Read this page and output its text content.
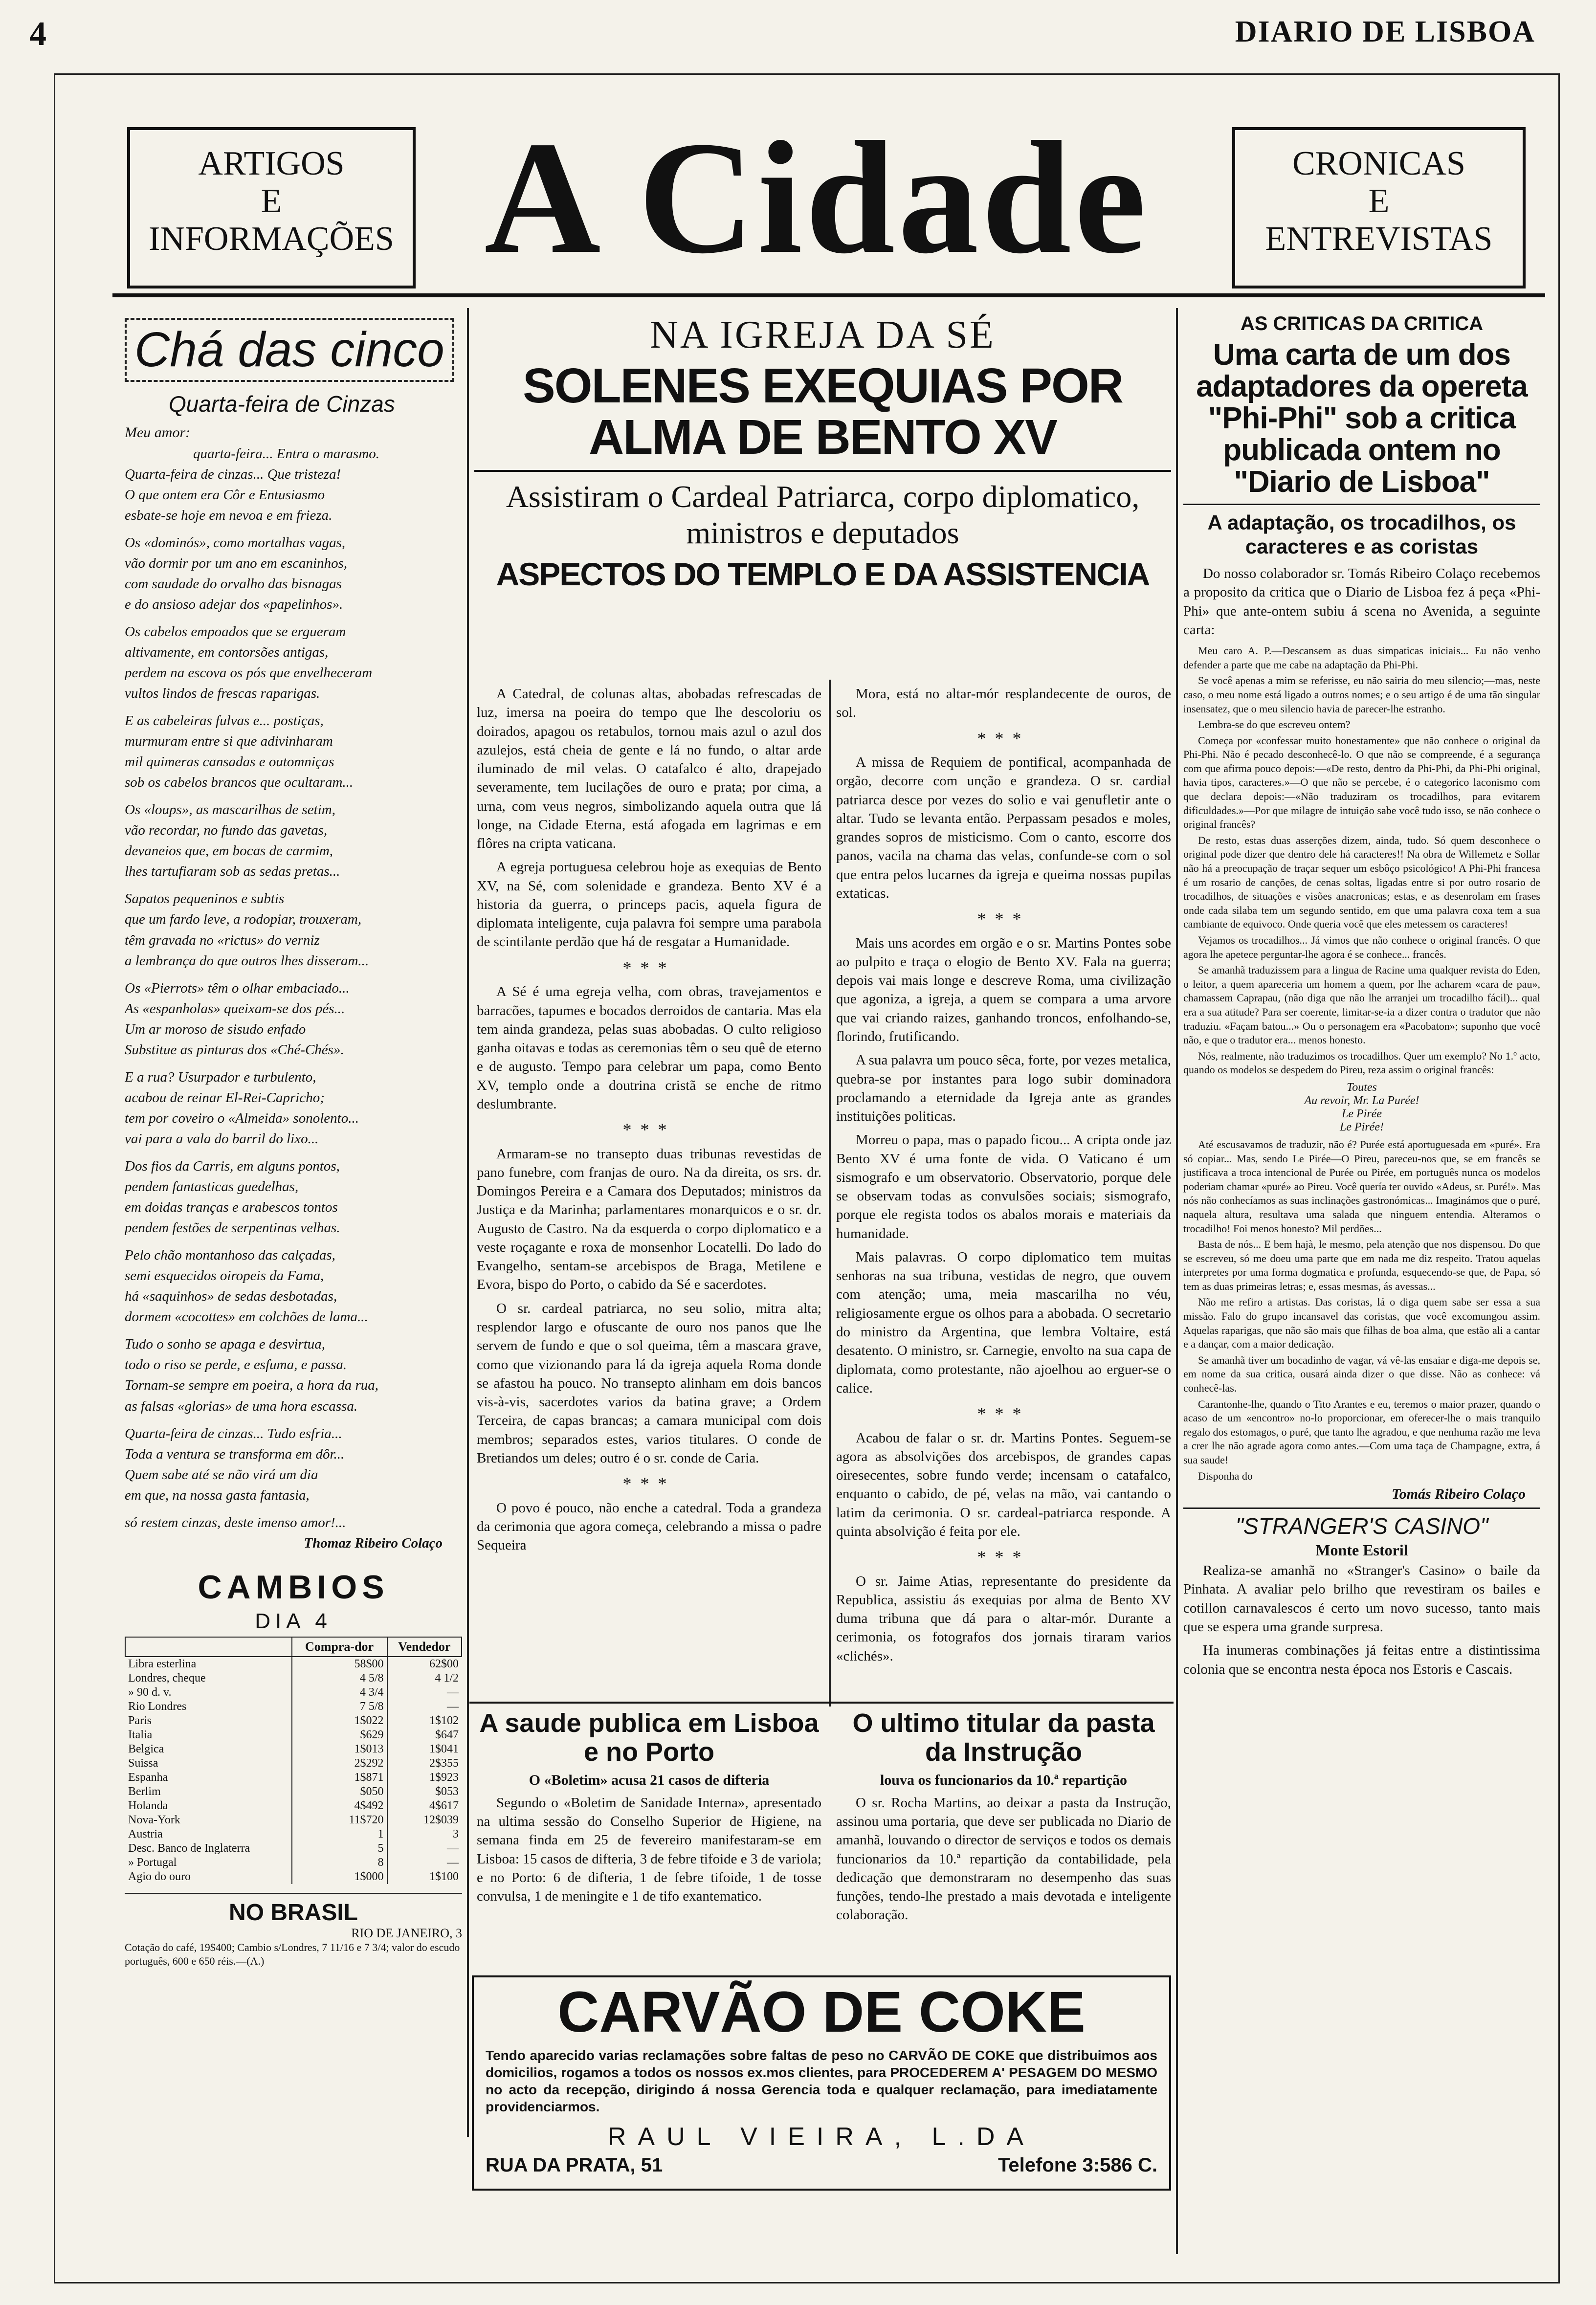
4	DIARIO DE LISBOA
ARTIGOS
E
INFORMAÇÕES A Cidade	CRONICAS
E
ENTREVISTAS
Chá das cinco
Quarta-feira de Cinzas
Meu amor:
quarta-feira... Entra o marasmo.
Quarta-feira de cinzas... Que tristeza!
O que ontem era Côr e Entusiasmo
esbate-se hoje em nevoa e em frieza.
Os «dominós», como mortalhas vagas,
vão dormir por um ano em escaninhos,
com saudade do orvalho das bisnagas
e do ansioso adejar dos «papelinhos».
Os cabelos empoados que se ergueram
altivamente, em contorsões antigas,
perdem na escova os pós que envelheceram
vultos lindos de frescas raparigas.
E as cabeleiras fulvas e... postiças,
murmuram entre si que adivinharam
mil quimeras cansadas e outomniças
sob os cabelos brancos que ocultaram...
Os «loups», as mascarilhas de setim,
vão recordar, no fundo das gavetas,
devaneios que, em bocas de carmim,
lhes tartufiaram sob as sedas pretas...
Sapatos pequeninos e subtis
que um fardo leve, a rodopiar, trouxeram,
têm gravada no «rictus» do verniz
a lembrança do que outros lhes disseram...
Os «Pierrots» têm o olhar embaciado...
As «espanholas» queixam-se dos pés...
Um ar moroso de sisudo enfado
Substitue as pinturas dos «Ché-Chés».
E a rua? Usurpador e turbulento,
acabou de reinar El-Rei-Capricho;
tem por coveiro o «Almeida» sonolento...
vai para a vala do barril do lixo...
Dos fios da Carris, em alguns pontos,
pendem fantasticas guedelhas,
em doidas tranças e arabescos tontos
pendem festões de serpentinas velhas.
Pelo chão montanhoso das calçadas,
semi esquecidos oiropeis da Fama,
há «saquinhos» de sedas desbotadas,
dormem «cocottes» em colchões de lama...
Tudo o sonho se apaga e desvirtua,
todo o riso se perde, e esfuma, e passa.
Tornam-se sempre em poeira, a hora da rua,
as falsas «glorias» de uma hora escassa.
Quarta-feira de cinzas... Tudo esfria...
Toda a ventura se transforma em dôr...
Quem sabe até se não virá um dia
em que, na nossa gasta fantasia,
só restem cinzas, deste imenso amor!...
Thomaz Ribeiro Colaço
CAMBIOS
DIA 4
	Compra-dor	Vendedor
Libra esterlina	58$00	62$00
Londres, cheque	4 5/8	4 1/2
» 90 d. v.	4 3/4	—
Rio Londres	7 5/8	—
Paris	1$022	1$102
Italia	$629	$647
Belgica	1$013	1$041
Suissa	2$292	2$355
Espanha	1$871	1$923
Berlim	$050	$053
Holanda	4$492	4$617
Nova-York	11$720	12$039
Austria	1	3
Desc. Banco de Inglaterra	5	—
» Portugal	8	—
Agio do ouro	1$000	1$100
NO BRASIL
RIO DE JANEIRO, 3
Cotação do café, 19$400; Cambio s/Londres, 7 11/16 e 7 3/4; valor do escudo português, 600 e 650 réis.—(A.)
NA IGREJA DA SÉ
SOLENES EXEQUIAS POR ALMA DE BENTO XV
Assistiram o Cardeal Patriarca, corpo diplomatico, ministros e deputados
ASPECTOS DO TEMPLO E DA ASSISTENCIA

A Catedral, de colunas altas, abobadas refrescadas de luz, imersa na poeira do tempo que lhe descoloriu os doirados, apagou os retabulos, tornou mais azul o azul dos azulejos, está cheia de gente e lá no fundo, o altar arde iluminado de mil velas. O catafalco é alto, drapejado severamente, tem lucilações de ouro e prata; por cima, a urna, com veus negros, simbolizando aquela outra que lá longe, na Cidade Eterna, está afogada em lagrimas e em flôres na cripta vaticana.

A egreja portuguesa celebrou hoje as exequias de Bento XV, na Sé, com solenidade e grandeza. Bento XV é a historia da guerra, o princeps pacis, aquela figura de diplomata inteligente, cuja palavra foi sempre uma parabola de scintilante perdão que há de resgatar a Humanidade.

***

A Sé é uma egreja velha, com obras, travejamentos e barracões, tapumes e bocados derroidos de cantaria. Mas ela tem ainda grandeza, pelas suas abobadas. O culto religioso ganha oitavas e todas as ceremonias têm o seu quê de eterno e de augusto. Tempo para celebrar um papa, como Bento XV, templo onde a doutrina cristã se enche de ritmo deslumbrante.

***

Armaram-se no transepto duas tribunas revestidas de pano funebre, com franjas de ouro. Na da direita, os srs. dr. Domingos Pereira e a Camara dos Deputados; ministros da Justiça e da Marinha; parlamentares monarquicos e o sr. dr. Augusto de Castro. Na da esquerda o corpo diplomatico e a veste roçagante e roxa de monsenhor Locatelli. Do lado do Evangelho, sentam-se arcebispos de Braga, Metilene e Evora, bispo do Porto, o cabido da Sé e sacerdotes.

O sr. cardeal patriarca, no seu solio, mitra alta; resplendor largo e ofuscante de ouro nos panos que lhe servem de fundo e que o sol queima, têm a mascara grave, como que vizionando para lá da igreja aquela Roma donde se afastou ha pouco. No transepto alinham em dois bancos vis-à-vis, sacerdotes varios da batina grave; a Ordem Terceira, de capas brancas; a camara municipal com dois membros; separados estes, varios titulares. O conde de Bretiandos um deles; outro é o sr. conde de Caria.

***

O povo é pouco, não enche a catedral. Toda a grandeza da cerimonia que agora começa, celebrando a missa o padre Sequeira

Mora, está no altar-mór resplandecente de ouros, de sol.

***

A missa de Requiem de pontifical, acompanhada de orgão, decorre com unção e grandeza. O sr. cardial patriarca desce por vezes do solio e vai genufletir ante o altar. Tudo se levanta então. Perpassam pesados e moles, grandes sopros de misticismo. Com o canto, escorre dos panos, vacila na chama das velas, confunde-se com o sol que entra pelos lucarnes da igreja e queima nossas pupilas extaticas.

***

Mais uns acordes em orgão e o sr. Martins Pontes sobe ao pulpito e traça o elogio de Bento XV. Fala na guerra; depois vai mais longe e descreve Roma, uma civilização que agoniza, a igreja, a quem se compara a uma arvore que vai criando raizes, ganhando troncos, enfolhando-se, florindo, frutificando.

A sua palavra um pouco sêca, forte, por vezes metalica, quebra-se por instantes para logo subir dominadora proclamando a eternidade da Igreja ante as grandes instituições politicas.

Morreu o papa, mas o papado ficou... A cripta onde jaz Bento XV é uma fonte de vida. O Vaticano é um sismografo e um observatorio. Observatorio, porque dele se observam todas as convulsões sociais; sismografo, porque ele regista todos os abalos morais e materiais da humanidade.

Mais palavras. O corpo diplomatico tem muitas senhoras na sua tribuna, vestidas de negro, que ouvem com atenção; uma, meia mascarilha no véu, religiosamente ergue os olhos para a abobada. O secretario do ministro da Argentina, que lembra Voltaire, está desatento. O ministro, sr. Carnegie, envolto na sua capa de diplomata, como protestante, não ajoelhou ao erguer-se o calice.

***

Acabou de falar o sr. dr. Martins Pontes. Seguem-se agora as absolvições dos arcebispos, de grandes capas oiresecentes, sobre fundo verde; incensam o catafalco, enquanto o cabido, de pé, velas na mão, vai cantando o latim da cerimonia. O sr. cardeal-patriarca responde. A quinta absolvição é feita por ele.

***

O sr. Jaime Atias, representante do presidente da Republica, assistiu ás exequias por alma de Bento XV duma tribuna que dá para o altar-mór. Durante a cerimonia, os fotografos dos jornais tiraram varios «clichés».

A saude publica em Lisboa e no Porto
O «Boletim» acusa 21 casos de difteria
Segundo o «Boletim de Sanidade Interna», apresentado na ultima sessão do Conselho Superior de Higiene, na semana finda em 25 de fevereiro manifestaram-se em Lisboa: 15 casos de difteria, 3 de febre tifoide e 3 de variola; e no Porto: 6 de difteria, 1 de febre tifoide, 1 de tosse convulsa, 1 de meningite e 1 de tifo exantematico.
O ultimo titular da pasta da Instrução
louva os funcionarios da 10.ª repartição
O sr. Rocha Martins, ao deixar a pasta da Instrução, assinou uma portaria, que deve ser publicada no Diario de amanhã, louvando o director de serviços e todos os demais funcionarios da 10.ª repartição da contabilidade, pela dedicação que demonstraram no desempenho das suas funções, tendo-lhe prestado a mais devotada e inteligente colaboração.
CARVÃO DE COKE
Tendo aparecido varias reclamações sobre faltas de peso no CARVÃO DE COKE que distribuimos aos domicilios, rogamos a todos os nossos ex.mos clientes, para PROCEDEREM A' PESAGEM DO MESMO no acto da recepção, dirigindo á nossa Gerencia toda e qualquer reclamação, para imediatamente providenciarmos.
RAUL VIEIRA, L.DA
RUA DA PRATA, 51	Telefone 3:586 C.
AS CRITICAS DA CRITICA
Uma carta de um dos adaptadores da opereta "Phi-Phi" sob a critica publicada ontem no "Diario de Lisboa"
A adaptação, os trocadilhos, os caracteres e as coristas
Do nosso colaborador sr. Tomás Ribeiro Colaço recebemos a proposito da critica que o Diario de Lisboa fez á peça «Phi-Phi» que ante-ontem subiu á scena no Avenida, a seguinte carta:

Meu caro A. P.—Descansem as duas simpaticas iniciais... Eu não venho defender a parte que me cabe na adaptação da Phi-Phi.

Se você apenas a mim se referisse, eu não sairia do meu silencio;—mas, neste caso, o meu nome está ligado a outros nomes; e o seu artigo é de uma tão singular insensatez, que o meu silencio havia de parecer-lhe estranho.

Lembra-se do que escreveu ontem?

Começa por «confessar muito honestamente» que não conhece o original da Phi-Phi. Não é pecado desconhecê-lo. O que não se compreende, é a segurança com que afirma pouco depois:—«De resto, dentro da Phi-Phi, da Phi-Phi original, havia tipos, caracteres.»—O que não se percebe, é o categorico laconismo com que declara depois:—«Não traduziram os trocadilhos, para evitarem dificuldades.»—Por que milagre de intuição sabe você tudo isso, se não conhece o original francês?

De resto, estas duas asserções dizem, ainda, tudo. Só quem desconhece o original pode dizer que dentro dele há caracteres!! Na obra de Willemetz e Sollar não há a preocupação de traçar sequer um esbôço psicológico! A Phi-Phi francesa é um rosario de canções, de cenas soltas, ligadas entre si por outro rosario de trocadilhos, de situações e visões anacronicas; estas, e as desenrolam em frases onde cada silaba tem um segundo sentido, em que uma palavra coxa tem a sua cambiante de equivoco. Onde queria você que eles metessem os caracteres!

Vejamos os trocadilhos... Já vimos que não conhece o original francês. O que agora lhe apetece perguntar-lhe agora é se conhece... francês.

Se amanhã traduzissem para a lingua de Racine uma qualquer revista do Eden, o leitor, a quem apareceria um homem a quem, por lhe acharem «cara de pau», chamassem Caprapau, (não diga que não lhe arranjei um trocadilho fácil)... qual era a sua atitude? Para ser coerente, limitar-se-ia a dizer contra o tradutor que não traduziu. «Façam batou...» Ou o personagem era «Pacobaton»; suponho que você não, e que o tradutor era... menos honesto.

Nós, realmente, não traduzimos os trocadilhos. Quer um exemplo? No 1.º acto, quando os modelos se despedem do Pireu, reza assim o original francês:

Toutes
Au revoir, Mr. La Purée!
Le Pirée
Le Pirée!

Até escusavamos de traduzir, não é? Purée está aportuguesada em «puré». Era só copiar... Mas, sendo Le Pirée—O Pireu, pareceu-nos que, se em francês se justificava a troca intencional de Purée ou Pirée, em português nunca os modelos poderiam chamar «puré» ao Pireu. Você quería ter ouvido «Adeus, sr. Puré!». Mas nós não conhecíamos as suas inclinações gastronómicas... Imaginámos que o puré, naquela altura, resultava uma salada que ninguem entendia. Alteramos o trocadilho! Foi menos honesto? Mil perdões...

Basta de nós... E bem hajà, le mesmo, pela atenção que nos dispensou. Do que se escreveu, só me doeu uma parte que em nada me diz respeito. Tratou aquelas interpretes por uma forma dogmatica e profunda, esquecendo-se que, de Papa, só tem as duas primeiras letras; e, essas mesmas, ás avessas...

Não me refiro a artistas. Das coristas, lá o diga quem sabe ser essa a sua missão. Falo do grupo incansavel das coristas, que você excomungou assim. Aquelas raparigas, que não são mais que filhas de boa alma, que estão ali a cantar e a dançar, com a maior dedicação.

Se amanhã tiver um bocadinho de vagar, vá vê-las ensaiar e diga-me depois se, em nome da sua critica, ousará ainda dizer o que disse. Não as conhece: vá conhecê-las.

Carantonhe-lhe, quando o Tito Arantes e eu, teremos o maior prazer, quando o acaso de um «encontro» no-lo proporcionar, em oferecer-lhe o mais tranquilo regalo dos estomagos, o puré, que tanto lhe agradou, e que nenhuma razão me leva a crer lhe não agrade agora como antes.—Com uma taça de Champagne, extra, á sua saude!

Disponha do

Tomás Ribeiro Colaço
"STRANGER'S CASINO"
Monte Estoril

Realiza-se amanhã no «Stranger's Casino» o baile da Pinhata. A avaliar pelo brilho que revestiram os bailes e cotillon carnavalescos é certo um novo sucesso, tanto mais que se espera uma grande surpresa.

Ha inumeras combinações já feitas entre a distintissima colonia que se encontra nesta época nos Estoris e Cascais.
